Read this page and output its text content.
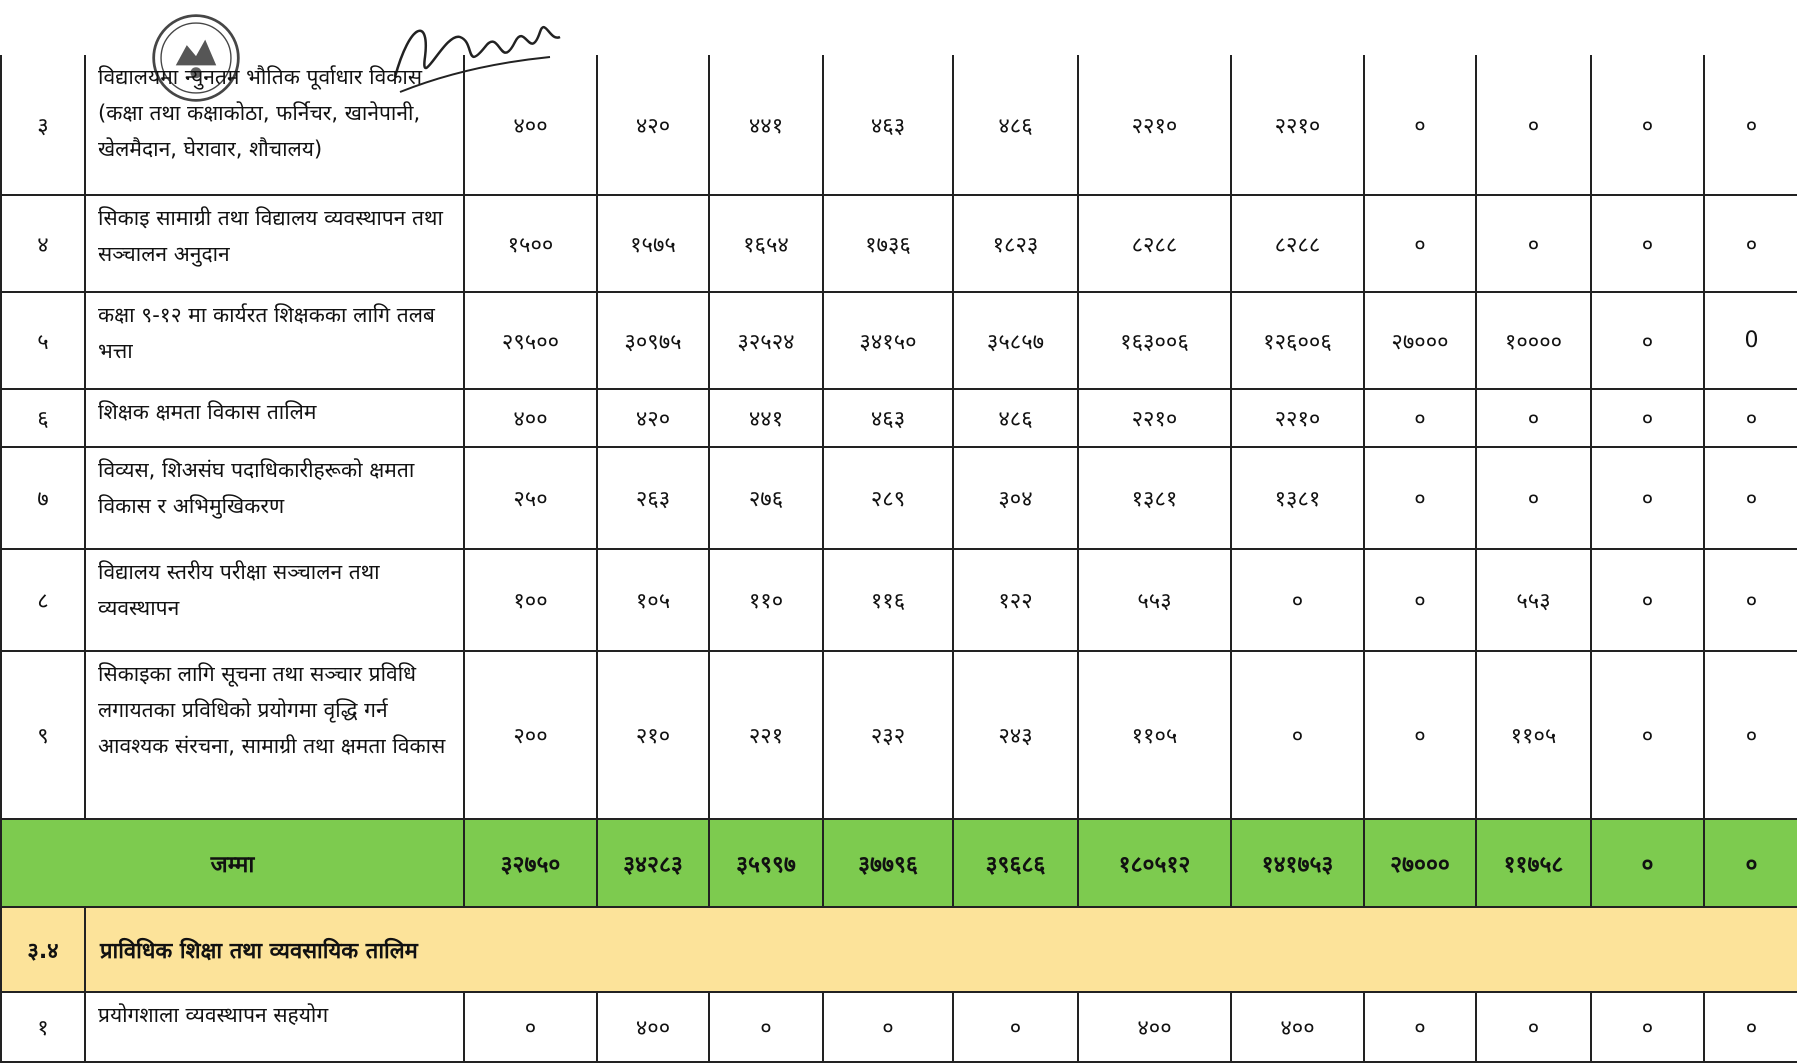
३	विद्यालयमा न्युनतम भौतिक पूर्वाधार विकास (कक्षा तथा कक्षाकोठा, फर्निचर, खानेपानी, खेलमैदान, घेरावार, शौचालय)	४००	४२०	४४१	४६३	४८६	२२१०	२२१०	०	०	०	०
४	सिकाइ सामाग्री तथा विद्यालय व्यवस्थापन तथा सञ्चालन अनुदान	१५००	१५७५	१६५४	१७३६	१८२३	८२८८	८२८८	०	०	०	०
५	कक्षा ९-१२ मा कार्यरत शिक्षकका लागि तलब भत्ता	२९५००	३०९७५	३२५२४	३४१५०	३५८५७	१६३००६	१२६००६	२७०००	१००००	०	0
६	शिक्षक क्षमता विकास तालिम	४००	४२०	४४१	४६३	४८६	२२१०	२२१०	०	०	०	०
७	विव्यस, शिअसंघ पदाधिकारीहरूको क्षमता विकास र अभिमुखिकरण	२५०	२६३	२७६	२८९	३०४	१३८१	१३८१	०	०	०	०
८	विद्यालय स्तरीय परीक्षा सञ्चालन तथा व्यवस्थापन	१००	१०५	११०	११६	१२२	५५३	०	०	५५३	०	०
९	सिकाइका लागि सूचना तथा सञ्चार प्रविधि लगायतका प्रविधिको प्रयोगमा वृद्धि गर्न आवश्यक संरचना, सामाग्री तथा क्षमता विकास	२००	२१०	२२१	२३२	२४३	११०५	०	०	११०५	०	०
जम्मा		३२७५०	३४२८३	३५९९७	३७७९६	३९६८६	१८०५१२	१४१७५३	२७०००	११७५८	०	०
३.४	प्राविधिक शिक्षा तथा व्यवसायिक तालिम											
१	प्रयोगशाला व्यवस्थापन सहयोग	०	४००	०	०	०	४००	४००	०	०	०	०
